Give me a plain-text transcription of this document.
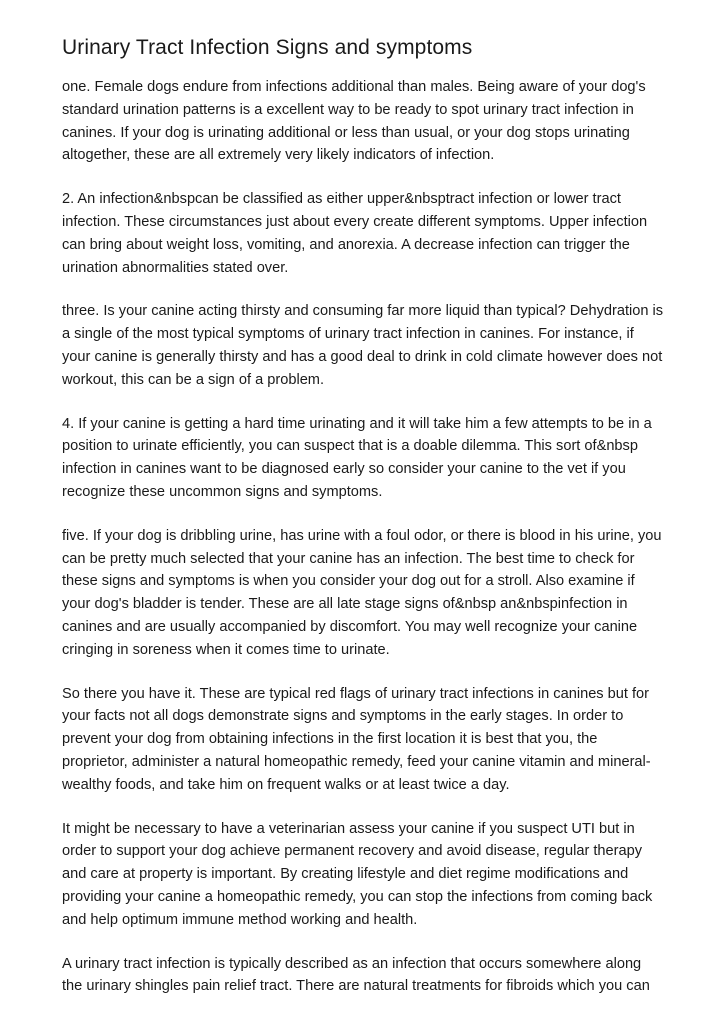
Urinary Tract Infection Signs and symptoms
one. Female dogs endure from infections additional than males. Being aware of your dog's
standard urination patterns is a excellent way to be ready to spot urinary tract infection in
canines. If your dog is urinating additional or less than usual, or your dog stops urinating
altogether, these are all extremely very likely indicators of infection.
2. An infection&nbspcan be classified as either upper&nbsptract infection or lower tract
infection. These circumstances just about every create different symptoms. Upper infection
can bring about weight loss, vomiting, and anorexia. A decrease infection can trigger the
urination abnormalities stated over.
three. Is your canine acting thirsty and consuming far more liquid than typical? Dehydration is
a single of the most typical symptoms of urinary tract infection in canines. For instance, if
your canine is generally thirsty and has a good deal to drink in cold climate however does not
workout, this can be a sign of a problem.
4. If your canine is getting a hard time urinating and it will take him a few attempts to be in a
position to urinate efficiently, you can suspect that is a doable dilemma. This sort of&nbsp
infection in canines want to be diagnosed early so consider your canine to the vet if you
recognize these uncommon signs and symptoms.
five. If your dog is dribbling urine, has urine with a foul odor, or there is blood in his urine, you
can be pretty much selected that your canine has an infection. The best time to check for
these signs and symptoms is when you consider your dog out for a stroll. Also examine if
your dog's bladder is tender. These are all late stage signs of&nbsp an&nbspinfection in
canines and are usually accompanied by discomfort. You may well recognize your canine
cringing in soreness when it comes time to urinate.
So there you have it. These are typical red flags of urinary tract infections in canines but for
your facts not all dogs demonstrate signs and symptoms in the early stages. In order to
prevent your dog from obtaining infections in the first location it is best that you, the
proprietor, administer a natural homeopathic remedy, feed your canine vitamin and mineral-
wealthy foods, and take him on frequent walks or at least twice a day.
It might be necessary to have a veterinarian assess your canine if you suspect UTI but in
order to support your dog achieve permanent recovery and avoid disease, regular therapy
and care at property is important. By creating lifestyle and diet regime modifications and
providing your canine a homeopathic remedy, you can stop the infections from coming back
and help optimum immune method working and health.
A urinary tract infection is typically described as an infection that occurs somewhere along
the urinary shingles pain relief tract. There are natural treatments for fibroids which you can
